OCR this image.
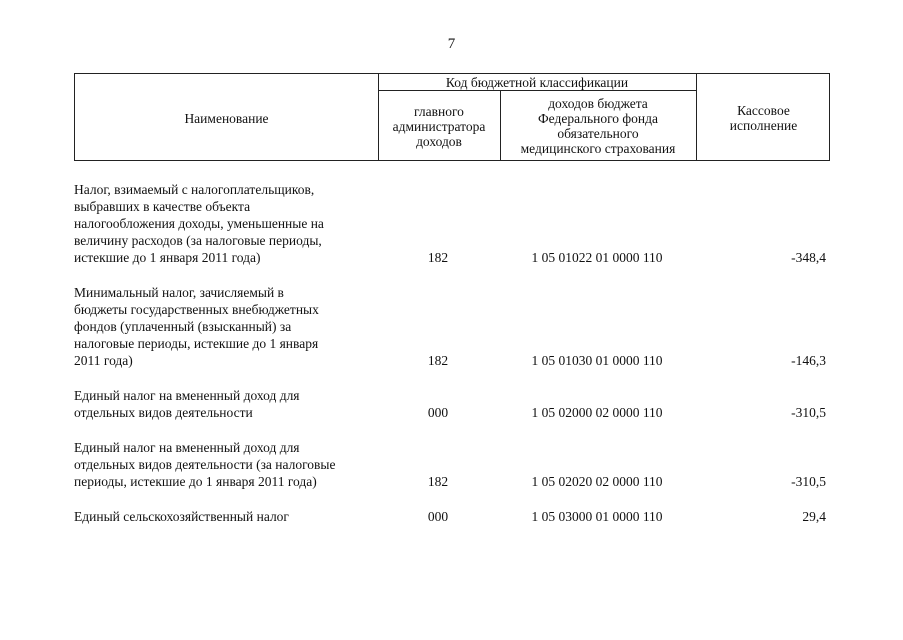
7
Наименование
Код бюджетной классификации
главного
администратора
доходов
доходов бюджета
Федерального фонда
обязательного
медицинского страхования
Кассовое
исполнение
Налог, взимаемый с налогоплательщиков,
выбравших в качестве объекта
налогообложения доходы, уменьшенные на
величину расходов (за налоговые периоды,
истекшие до 1 января 2011 года)	182	1 05 01022 01 0000 110	-348,4
Минимальный налог, зачисляемый в
бюджеты государственных внебюджетных
фондов (уплаченный (взысканный) за
налоговые периоды, истекшие до 1 января
2011 года)	182	1 05 01030 01 0000 110	-146,3
Единый налог на вмененный доход для
отдельных видов деятельности	000	1 05 02000 02 0000 110	-310,5
Единый налог на вмененный доход для
отдельных видов деятельности (за налоговые
периоды, истекшие до 1 января 2011 года)	182	1 05 02020 02 0000 110	-310,5
Единый сельскохозяйственный налог	000	1 05 03000 01 0000 110	29,4
